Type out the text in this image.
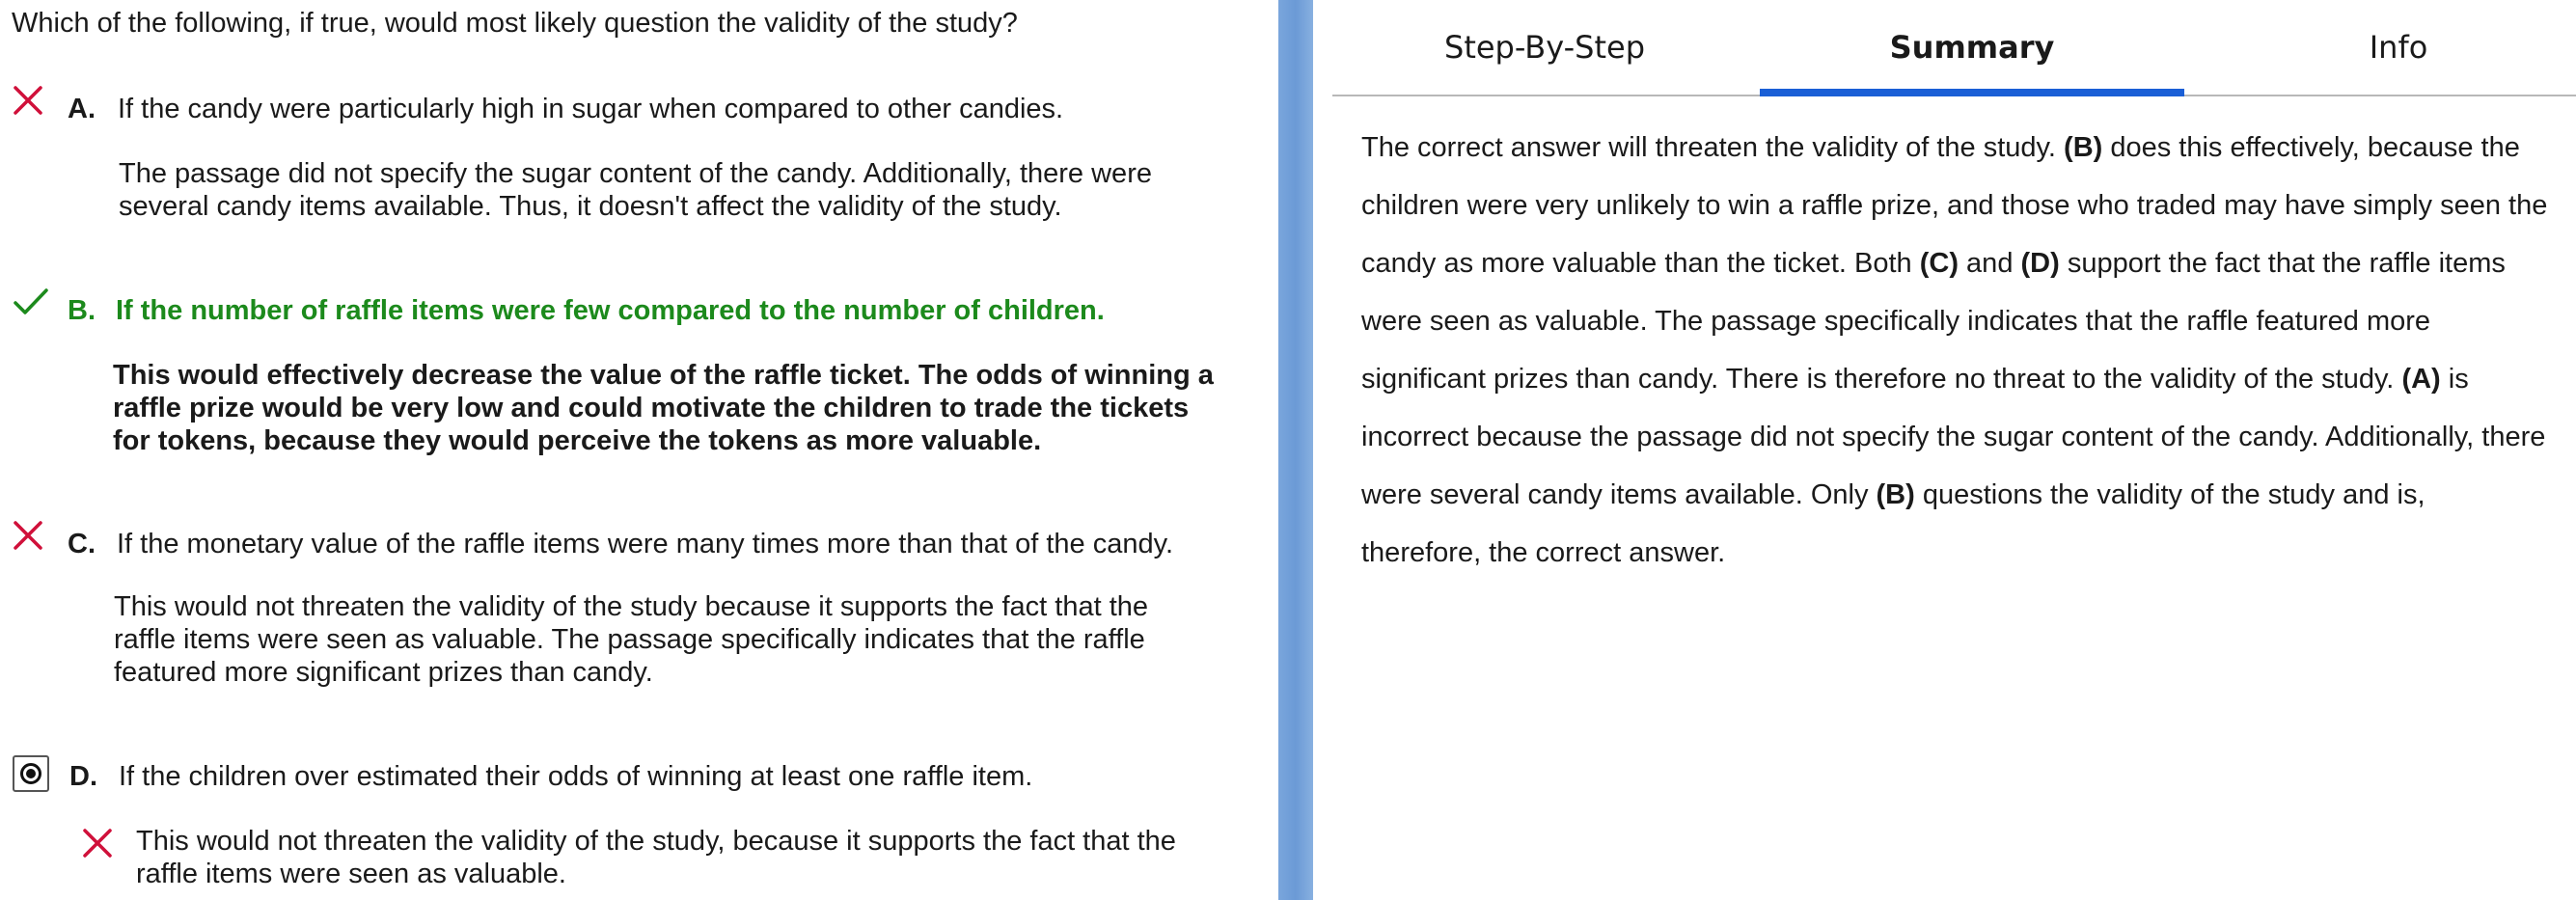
Which of the following, if true, would most likely question the validity of the study?
A. If the candy were particularly high in sugar when compared to other candies.
The passage did not specify the sugar content of the candy. Additionally, there were several candy items available. Thus, it doesn't affect the validity of the study.
B. If the number of raffle items were few compared to the number of children.
This would effectively decrease the value of the raffle ticket. The odds of winning a raffle prize would be very low and could motivate the children to trade the tickets for tokens, because they would perceive the tokens as more valuable.
C. If the monetary value of the raffle items were many times more than that of the candy.
This would not threaten the validity of the study because it supports the fact that the raffle items were seen as valuable. The passage specifically indicates that the raffle featured more significant prizes than candy.
D. If the children over estimated their odds of winning at least one raffle item.
This would not threaten the validity of the study, because it supports the fact that the raffle items were seen as valuable.
Step-By-Step	Summary	Info
The correct answer will threaten the validity of the study. (B) does this effectively, because the children were very unlikely to win a raffle prize, and those who traded may have simply seen the candy as more valuable than the ticket. Both (C) and (D) support the fact that the raffle items were seen as valuable. The passage specifically indicates that the raffle featured more significant prizes than candy. There is therefore no threat to the validity of the study. (A) is incorrect because the passage did not specify the sugar content of the candy. Additionally, there were several candy items available. Only (B) questions the validity of the study and is, therefore, the correct answer.
